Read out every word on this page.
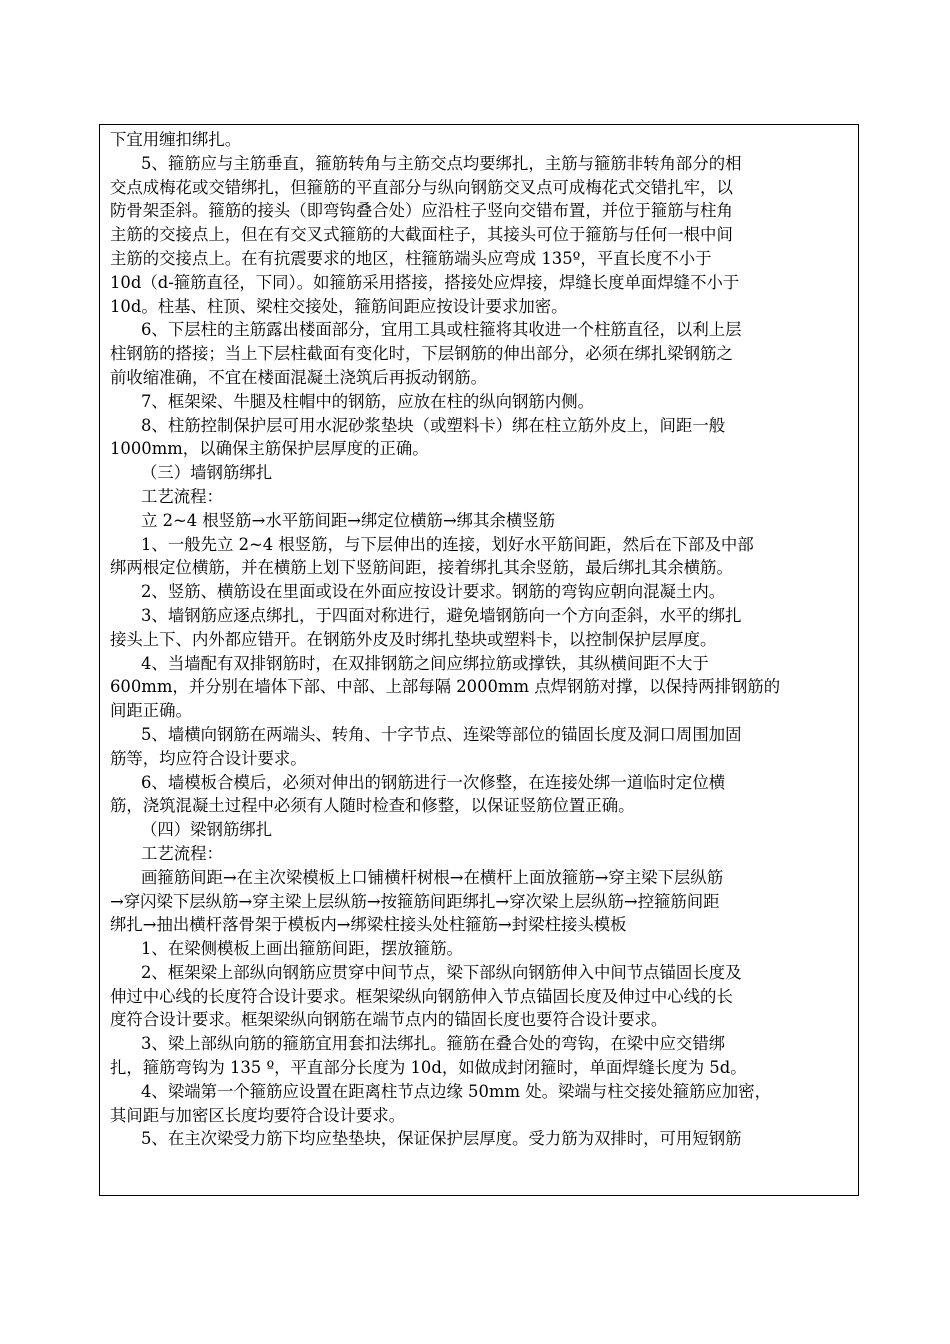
下宜用缠扣绑扎。
5、箍筋应与主筋垂直，箍筋转角与主筋交点均要绑扎，主筋与箍筋非转角部分的相
交点成梅花或交错绑扎，但箍筋的平直部分与纵向钢筋交叉点可成梅花式交错扎牢，以
防骨架歪斜。箍筋的接头（即弯钩叠合处）应沿柱子竖向交错布置，并位于箍筋与柱角
主筋的交接点上，但在有交叉式箍筋的大截面柱子，其接头可位于箍筋与任何一根中间
主筋的交接点上。在有抗震要求的地区，柱箍筋端头应弯成 135º，平直长度不小于
10d（d-箍筋直径，下同）。如箍筋采用搭接，搭接处应焊接，焊缝长度单面焊缝不小于
10d。柱基、柱顶、梁柱交接处，箍筋间距应按设计要求加密。
6、下层柱的主筋露出楼面部分，宜用工具或柱箍将其收进一个柱筋直径，以利上层
柱钢筋的搭接；当上下层柱截面有变化时，下层钢筋的伸出部分，必须在绑扎梁钢筋之
前收缩准确，不宜在楼面混凝土浇筑后再扳动钢筋。
7、框架梁、牛腿及柱帽中的钢筋，应放在柱的纵向钢筋内侧。
8、柱筋控制保护层可用水泥砂浆垫块（或塑料卡）绑在柱立筋外皮上，间距一般
1000mm，以确保主筋保护层厚度的正确。
（三）墙钢筋绑扎
工艺流程：
立 2~4 根竖筋→水平筋间距→绑定位横筋→绑其余横竖筋
1、一般先立 2~4 根竖筋，与下层伸出的连接，划好水平筋间距，然后在下部及中部
绑两根定位横筋，并在横筋上划下竖筋间距，接着绑扎其余竖筋，最后绑扎其余横筋。
2、竖筋、横筋设在里面或设在外面应按设计要求。钢筋的弯钩应朝向混凝土内。
3、墙钢筋应逐点绑扎，于四面对称进行，避免墙钢筋向一个方向歪斜，水平的绑扎
接头上下、内外都应错开。在钢筋外皮及时绑扎垫块或塑料卡，以控制保护层厚度。
4、当墙配有双排钢筋时，在双排钢筋之间应绑拉筋或撑铁，其纵横间距不大于
600mm，并分别在墙体下部、中部、上部每隔 2000mm 点焊钢筋对撑，以保持两排钢筋的
间距正确。
5、墙横向钢筋在两端头、转角、十字节点、连梁等部位的锚固长度及洞口周围加固
筋等，均应符合设计要求。
6、墙模板合模后，必须对伸出的钢筋进行一次修整，在连接处绑一道临时定位横
筋，浇筑混凝土过程中必须有人随时检查和修整，以保证竖筋位置正确。
（四）梁钢筋绑扎
工艺流程：
画箍筋间距→在主次梁模板上口铺横杆树根→在横杆上面放箍筋→穿主梁下层纵筋
→穿闪梁下层纵筋→穿主梁上层纵筋→按箍筋间距绑扎→穿次梁上层纵筋→控箍筋间距
绑扎→抽出横杆落骨架于模板内→绑梁柱接头处柱箍筋→封梁柱接头模板
1、在梁侧模板上画出箍筋间距，摆放箍筋。
2、框架梁上部纵向钢筋应贯穿中间节点，梁下部纵向钢筋伸入中间节点锚固长度及
伸过中心线的长度符合设计要求。框架梁纵向钢筋伸入节点锚固长度及伸过中心线的长
度符合设计要求。框架梁纵向钢筋在端节点内的锚固长度也要符合设计要求。
3、梁上部纵向筋的箍筋宜用套扣法绑扎。箍筋在叠合处的弯钩，在梁中应交错绑
扎，箍筋弯钩为 135 º，平直部分长度为 10d，如做成封闭箍时，单面焊缝长度为 5d。
4、梁端第一个箍筋应设置在距离柱节点边缘 50mm 处。梁端与柱交接处箍筋应加密，
其间距与加密区长度均要符合设计要求。
5、在主次梁受力筋下均应垫垫块，保证保护层厚度。受力筋为双排时，可用短钢筋
